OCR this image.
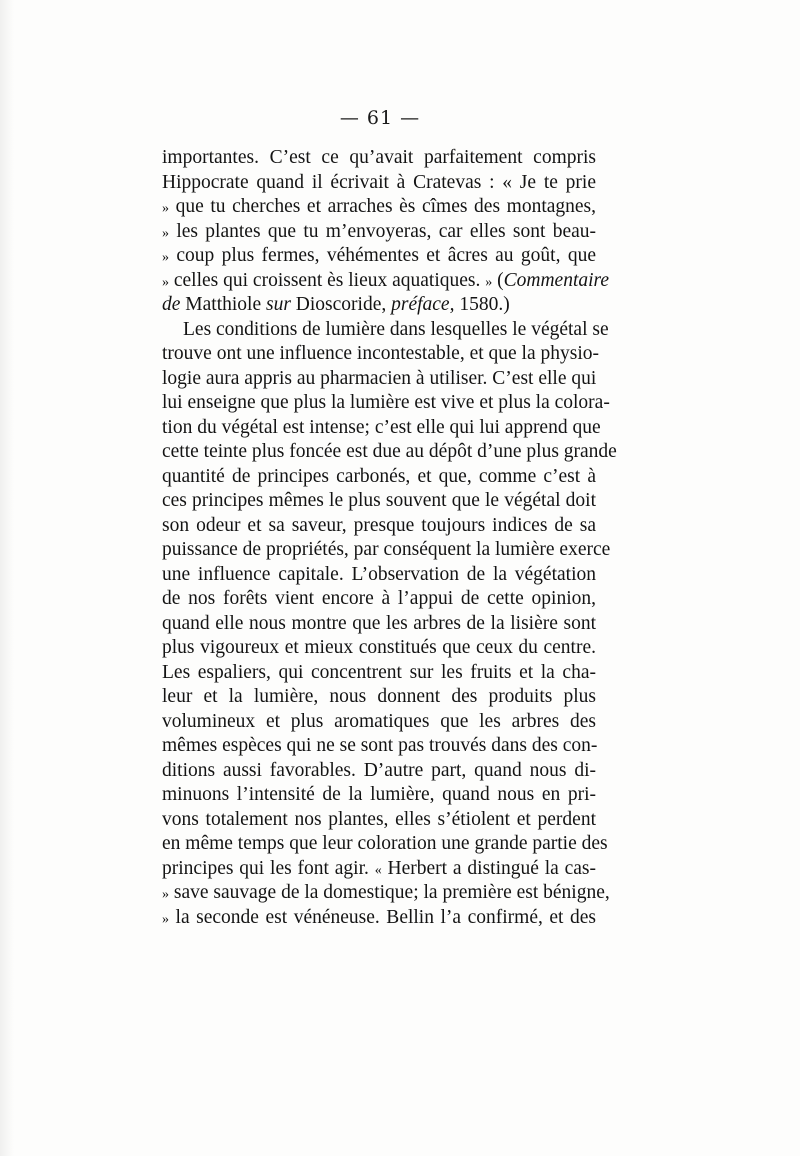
— 61 —
importantes. C’est ce qu’avait parfaitement compris
Hippocrate quand il écrivait à Cratevas : « Je te prie
» que tu cherches et arraches ès cîmes des montagnes,
» les plantes que tu m’envoyeras, car elles sont beau-
» coup plus fermes, véhémentes et âcres au goût, que
» celles qui croissent ès lieux aquatiques. » (Commentaire
de Matthiole sur Dioscoride, préface, 1580.)
Les conditions de lumière dans lesquelles le végétal se
trouve ont une influence incontestable, et que la physio-
logie aura appris au pharmacien à utiliser. C’est elle qui
lui enseigne que plus la lumière est vive et plus la colora-
tion du végétal est intense; c’est elle qui lui apprend que
cette teinte plus foncée est due au dépôt d’une plus grande
quantité de principes carbonés, et que, comme c’est à
ces principes mêmes le plus souvent que le végétal doit
son odeur et sa saveur, presque toujours indices de sa
puissance de propriétés, par conséquent la lumière exerce
une influence capitale. L’observation de la végétation
de nos forêts vient encore à l’appui de cette opinion,
quand elle nous montre que les arbres de la lisière sont
plus vigoureux et mieux constitués que ceux du centre.
Les espaliers, qui concentrent sur les fruits et la cha-
leur et la lumière, nous donnent des produits plus
volumineux et plus aromatiques que les arbres des
mêmes espèces qui ne se sont pas trouvés dans des con-
ditions aussi favorables. D’autre part, quand nous di-
minuons l’intensité de la lumière, quand nous en pri-
vons totalement nos plantes, elles s’étiolent et perdent
en même temps que leur coloration une grande partie des
principes qui les font agir. « Herbert a distingué la cas-
» save sauvage de la domestique; la première est bénigne,
» la seconde est vénéneuse. Bellin l’a confirmé, et des
